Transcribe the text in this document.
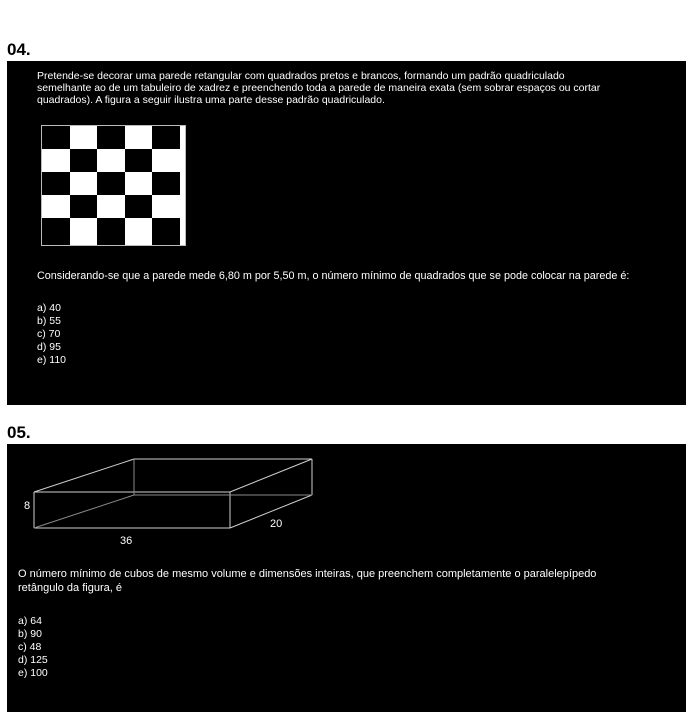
04.
Pretende-se decorar uma parede retangular com quadrados pretos e brancos, formando um padrão quadriculado
semelhante ao de um tabuleiro de xadrez e preenchendo toda a parede de maneira exata (sem sobrar espaços ou cortar
quadrados). A figura a seguir ilustra uma parte desse padrão quadriculado.
Considerando-se que a parede mede 6,80 m por 5,50 m, o número mínimo de quadrados que se pode colocar na parede é:
a) 40
b) 55
c) 70
d) 95
e) 110
05.
8
36
20
O número mínimo de cubos de mesmo volume e dimensões inteiras, que preenchem completamente o paralelepípedo
retângulo da figura, é
a) 64
b) 90
c) 48
d) 125
e) 100
